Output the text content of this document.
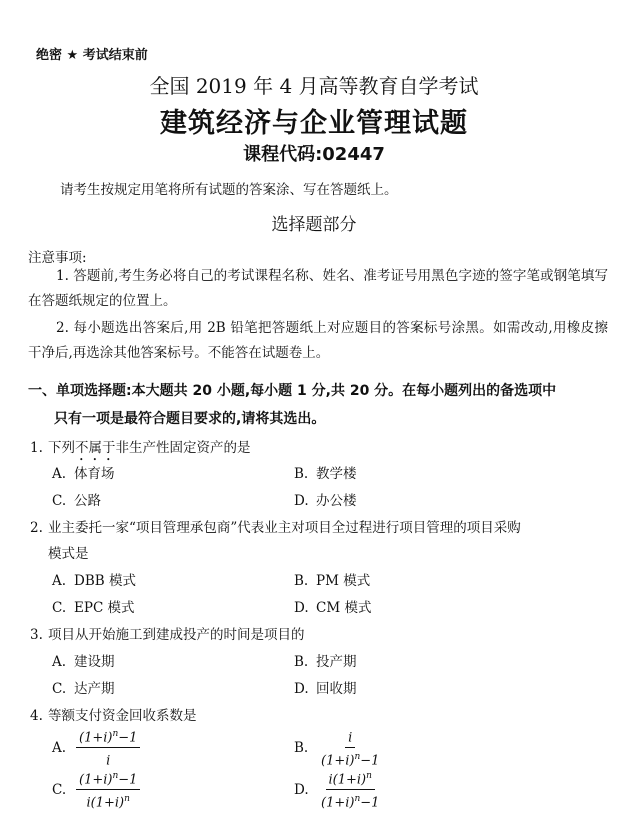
绝密 ★ 考试结束前
全国 2019 年 4 月高等教育自学考试
建筑经济与企业管理试题
课程代码:02447
请考生按规定用笔将所有试题的答案涂、写在答题纸上。
选择题部分
注意事项:
1. 答题前,考生务必将自己的考试课程名称、姓名、准考证号用黑色字迹的签字笔或钢笔填写在答题纸规定的位置上。
2. 每小题选出答案后,用 2B 铅笔把答题纸上对应题目的答案标号涂黑。如需改动,用橡皮擦干净后,再选涂其他答案标号。不能答在试题卷上。
一、单项选择题:本大题共 20 小题,每小题 1 分,共 20 分。在每小题列出的备选项中
只有一项是最符合题目要求的,请将其选出。
1. 下列不属于非生产性固定资产的是
A. 体育场	B. 教学楼
C. 公路	D. 办公楼
2. 业主委托一家“项目管理承包商”代表业主对项目全过程进行项目管理的项目采购
模式是
A. DBB 模式	B. PM 模式
C. EPC 模式	D. CM 模式
3. 项目从开始施工到建成投产的时间是项目的
A. 建设期	B. 投产期
C. 达产期	D. 回收期
4. 等额支付资金回收系数是
A. $\frac{(1+i)^n-1}{i}$	B. $\frac{i}{(1+i)^n-1}$
C. $\frac{(1+i)^n-1}{i(1+i)^n}$	D. $\frac{i(1+i)^n}{(1+i)^n-1}$
